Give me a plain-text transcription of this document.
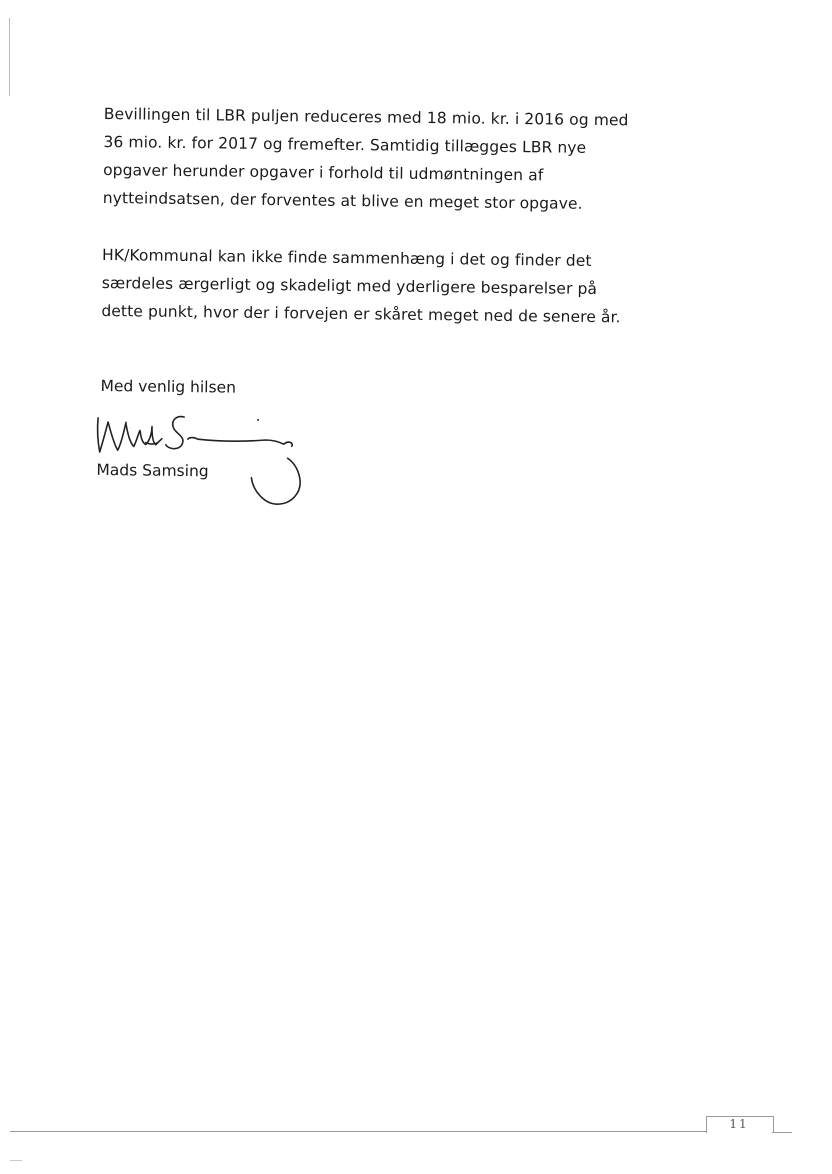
Bevillingen til LBR puljen reduceres med 18 mio. kr. i 2016 og med 36 mio. kr. for 2017 og fremefter. Samtidig tillægges LBR nye opgaver herunder opgaver i forhold til udmøntningen af nytteindsatsen, der forventes at blive en meget stor opgave.

HK/Kommunal kan ikke finde sammenhæng i det og finder det særdeles ærgerligt og skadeligt med yderligere besparelser på dette punkt, hvor der i forvejen er skåret meget ned de senere år.

Med venlig hilsen

Mads Samsing

11
